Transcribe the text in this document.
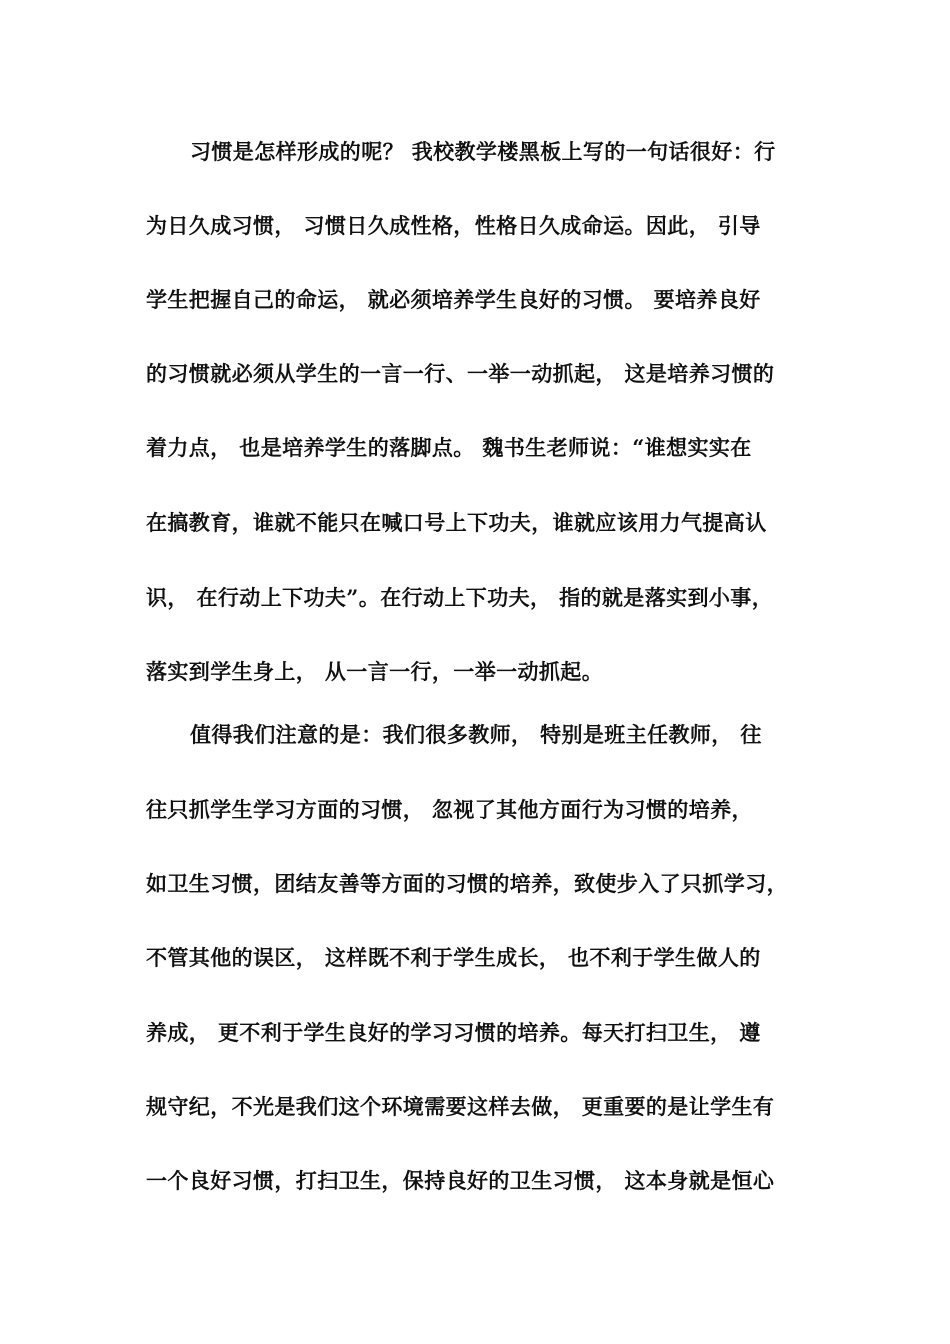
习惯是怎样形成的呢？ 我校教学楼黑板上写的一句话很好：行
为日久成习惯， 习惯日久成性格，性格日久成命运。因此， 引导
学生把握自己的命运， 就必须培养学生良好的习惯。 要培养良好
的习惯就必须从学生的一言一行、一举一动抓起， 这是培养习惯的
着力点， 也是培养学生的落脚点。 魏书生老师说：“谁想实实在
在搞教育，谁就不能只在喊口号上下功夫，谁就应该用力气提高认
识， 在行动上下功夫”。在行动上下功夫， 指的就是落实到小事，
落实到学生身上， 从一言一行，一举一动抓起。
值得我们注意的是：我们很多教师， 特别是班主任教师， 往
往只抓学生学习方面的习惯， 忽视了其他方面行为习惯的培养，
如卫生习惯，团结友善等方面的习惯的培养，致使步入了只抓学习，
不管其他的误区， 这样既不利于学生成长， 也不利于学生做人的
养成， 更不利于学生良好的学习习惯的培养。每天打扫卫生， 遵
规守纪，不光是我们这个环境需要这样去做， 更重要的是让学生有
一个良好习惯，打扫卫生，保持良好的卫生习惯， 这本身就是恒心
